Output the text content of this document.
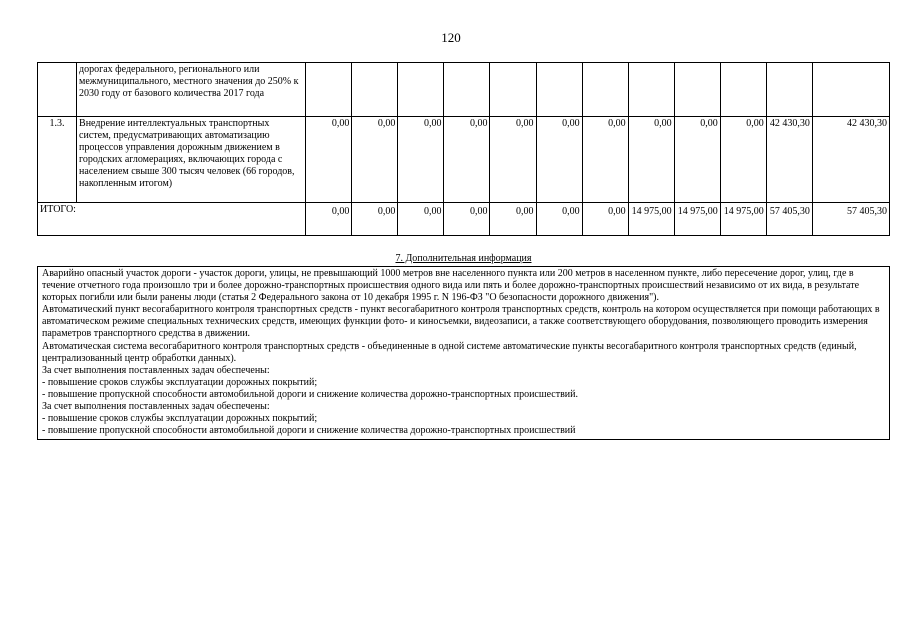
120
	дорогах федерального, регионального или межмуниципального, местного значения до 250% к 2030 году от базового количества 2017 года												
1.3.	Внедрение интеллектуальных транспортных систем, предусматривающих автоматизацию процессов управления дорожным движением в городских агломерациях, включающих города с населением свыше 300 тысяч человек (66 городов, накопленным итогом)	0,00	0,00	0,00	0,00	0,00	0,00	0,00	0,00	0,00	0,00	42 430,30	42 430,30
ИТОГО:		0,00	0,00	0,00	0,00	0,00	0,00	0,00	14 975,00	14 975,00	14 975,00	57 405,30	57 405,30
7. Дополнительная информация

Аварийно опасный участок дороги - участок дороги, улицы, не превышающий 1000 метров вне населенного пункта или 200 метров в населенном пункте, либо пересечение дорог, улиц, где в течение отчетного года произошло три и более дорожно-транспортных происшествия одного вида или пять и более дорожно-транспортных происшествий независимо от их вида, в результате которых погибли или были ранены люди (статья 2 Федерального закона от 10 декабря 1995 г. N 196-ФЗ "О безопасности дорожного движения").

Автоматический пункт весогабаритного контроля транспортных средств - пункт весогабаритного контроля транспортных средств, контроль на котором осуществляется при помощи работающих в автоматическом режиме специальных технических средств, имеющих функции фото- и киносъемки, видеозаписи, а также соответствующего оборудования, позволяющего проводить измерения параметров транспортного средства в движении.

Автоматическая система весогабаритного контроля транспортных средств - объединенные в одной системе автоматические пункты весогабаритного контроля транспортных средств (единый, централизованный центр обработки данных).

За счет выполнения поставленных задач обеспечены:

- повышение сроков службы эксплуатации дорожных покрытий;

- повышение пропускной способности автомобильной дороги и снижение количества дорожно-транспортных происшествий.

За счет выполнения поставленных задач обеспечены:

- повышение сроков службы эксплуатации дорожных покрытий;

- повышение пропускной способности автомобильной дороги и снижение количества дорожно-транспортных происшествий
